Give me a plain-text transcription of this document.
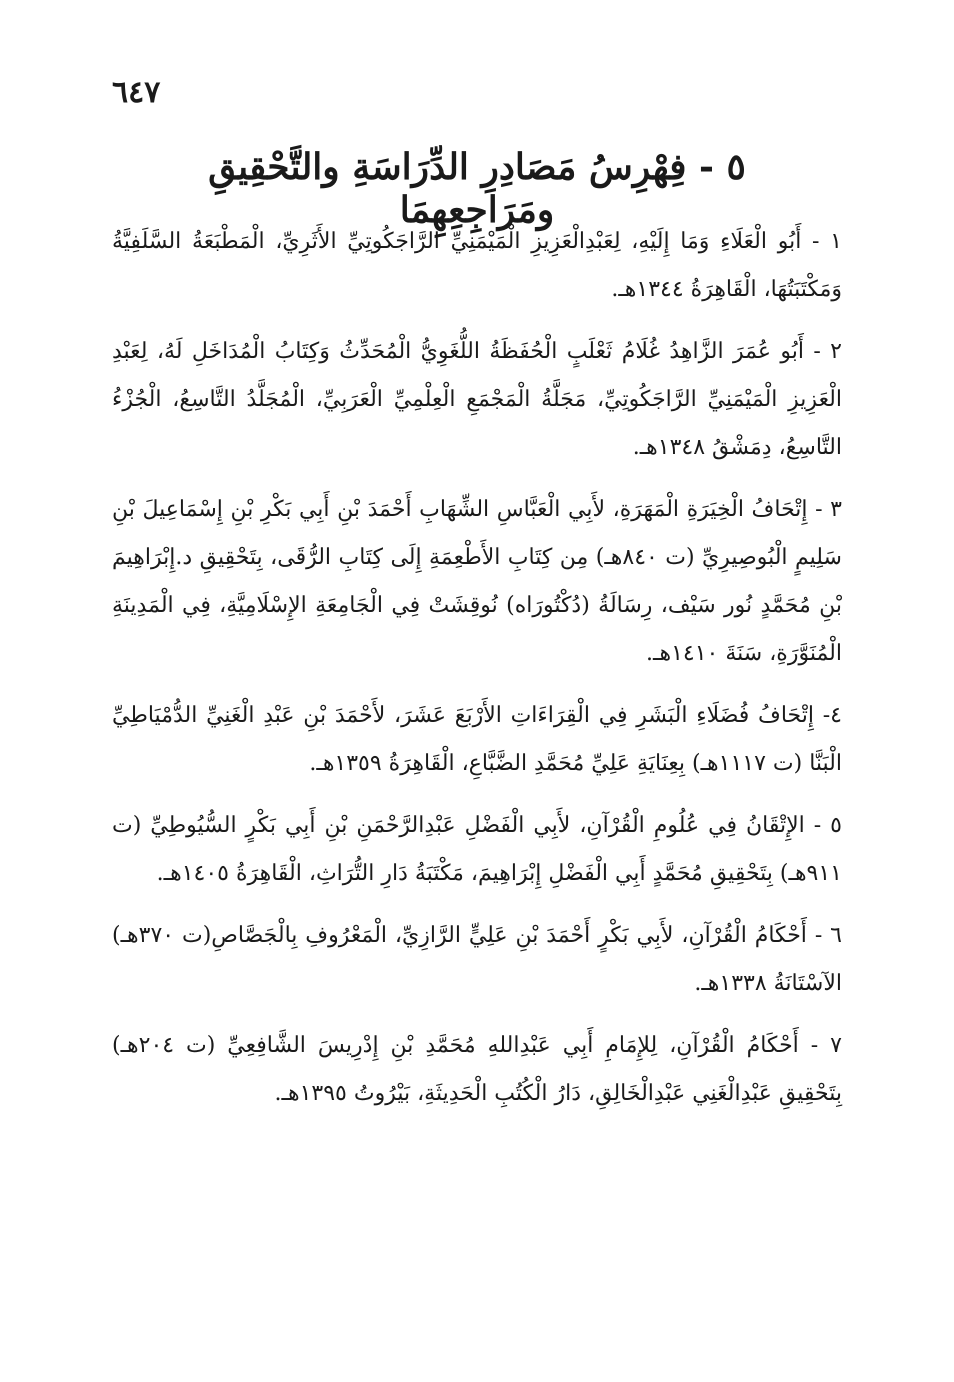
٦٤٧
٥ - فِهْرِسُ مَصَادِرِ الدِّرَاسَةِ والتَّحْقِيقِ ومَرَاجِعِهِمَا

١ - أَبُو الْعَلَاءِ وَمَا إِلَيْهِ، لِعَبْدِالْعَزِيزِ الْمَيْمَنِيِّ الرَّاجَكُوتِيِّ الأَثَرِيِّ، الْمَطْبَعَةُ السَّلَفِيَّةُ وَمَكْتَبَتُهَا، الْقَاهِرَةُ ١٣٤٤هـ.

٢ - أَبُو عُمَرَ الزَّاهِدُ غُلَامُ ثَعْلَبٍ الْحُفَظَةُ اللُّغَوِيُّ الْمُحَدِّثُ وَكِتَابُ الْمُدَاخَلِ لَهُ، لِعَبْدِ الْعَزِيزِ الْمَيْمَنِيِّ الرَّاجَكُوتِيِّ، مَجَلَّةُ الْمَجْمَعِ الْعِلْمِيِّ الْعَرَبِيِّ، الْمُجَلَّدُ التَّاسِعُ، الْجُزْءُ التَّاسِعُ، دِمَشْقُ ١٣٤٨هـ.

٣ - إِتْحَافُ الْخِيَرَةِ الْمَهَرَةِ، لأَبِي الْعَبَّاسِ الشِّهَابِ أَحْمَدَ بْنِ أَبِي بَكْرِ بْنِ إِسْمَاعِيلَ بْنِ سَلِيمٍ الْبُوصِيرِيِّ (ت ٨٤٠هـ) مِن كِتَابِ الأَطْعِمَةِ إِلَى كِتَابِ الرُّقَى، بِتَحْقِيقِ د.إِبْرَاهِيمَ بْنِ مُحَمَّدٍ نُور سَيْف، رِسَالَةُ (دُكْتُورَاه) نُوقِشَتْ فِي الْجَامِعَةِ الإِسْلَامِيَّةِ، فِي الْمَدِينَةِ الْمُنَوَّرَةِ، سَنَةَ ١٤١٠هـ.

٤- إِتْحَافُ فُضَلَاءِ الْبَشَرِ فِي الْقِرَاءَاتِ الأَرْبَعَ عَشَرَ، لأَحْمَدَ بْنِ عَبْدِ الْغَنِيِّ الدُّمْيَاطِيِّ الْبَنَّا (ت ١١١٧هـ) بِعِنَايَةِ عَلِيِّ مُحَمَّدِ الضَّبَّاعِ، الْقَاهِرَةُ ١٣٥٩هـ.

٥ - الإِتْقَانُ فِي عُلُومِ الْقُرْآنِ، لأَبِي الْفَضْلِ عَبْدِالرَّحْمَنِ بْنِ أَبِي بَكْرٍ السُّيُوطِيِّ (ت ٩١١هـ) بِتَحْقِيقِ مُحَمَّدٍ أَبِي الْفَضْلِ إِبْرَاهِيمَ، مَكْتَبَةُ دَارِ التُّرَاثِ، الْقَاهِرَةُ ١٤٠٥هـ.

٦ - أَحْكَامُ الْقُرْآنِ، لأَبِي بَكْرٍ أَحْمَدَ بْنِ عَلِيٍّ الرَّازِيِّ، الْمَعْرُوفِ بِالْجَصَّاصِ(ت ٣٧٠هـ) الآسْتَانَةُ ١٣٣٨هـ.

٧ - أَحْكَامُ الْقُرْآنِ، لِلإِمَامِ أَبِي عَبْدِاللهِ مُحَمَّدِ بْنِ إِدْرِيسَ الشَّافِعِيِّ (ت ٢٠٤هـ) بِتَحْقِيقِ عَبْدِالْغَنِي عَبْدِالْخَالِقِ، دَارُ الْكُتُبِ الْحَدِيثَةِ، بَيْرُوتُ ١٣٩٥هـ.
